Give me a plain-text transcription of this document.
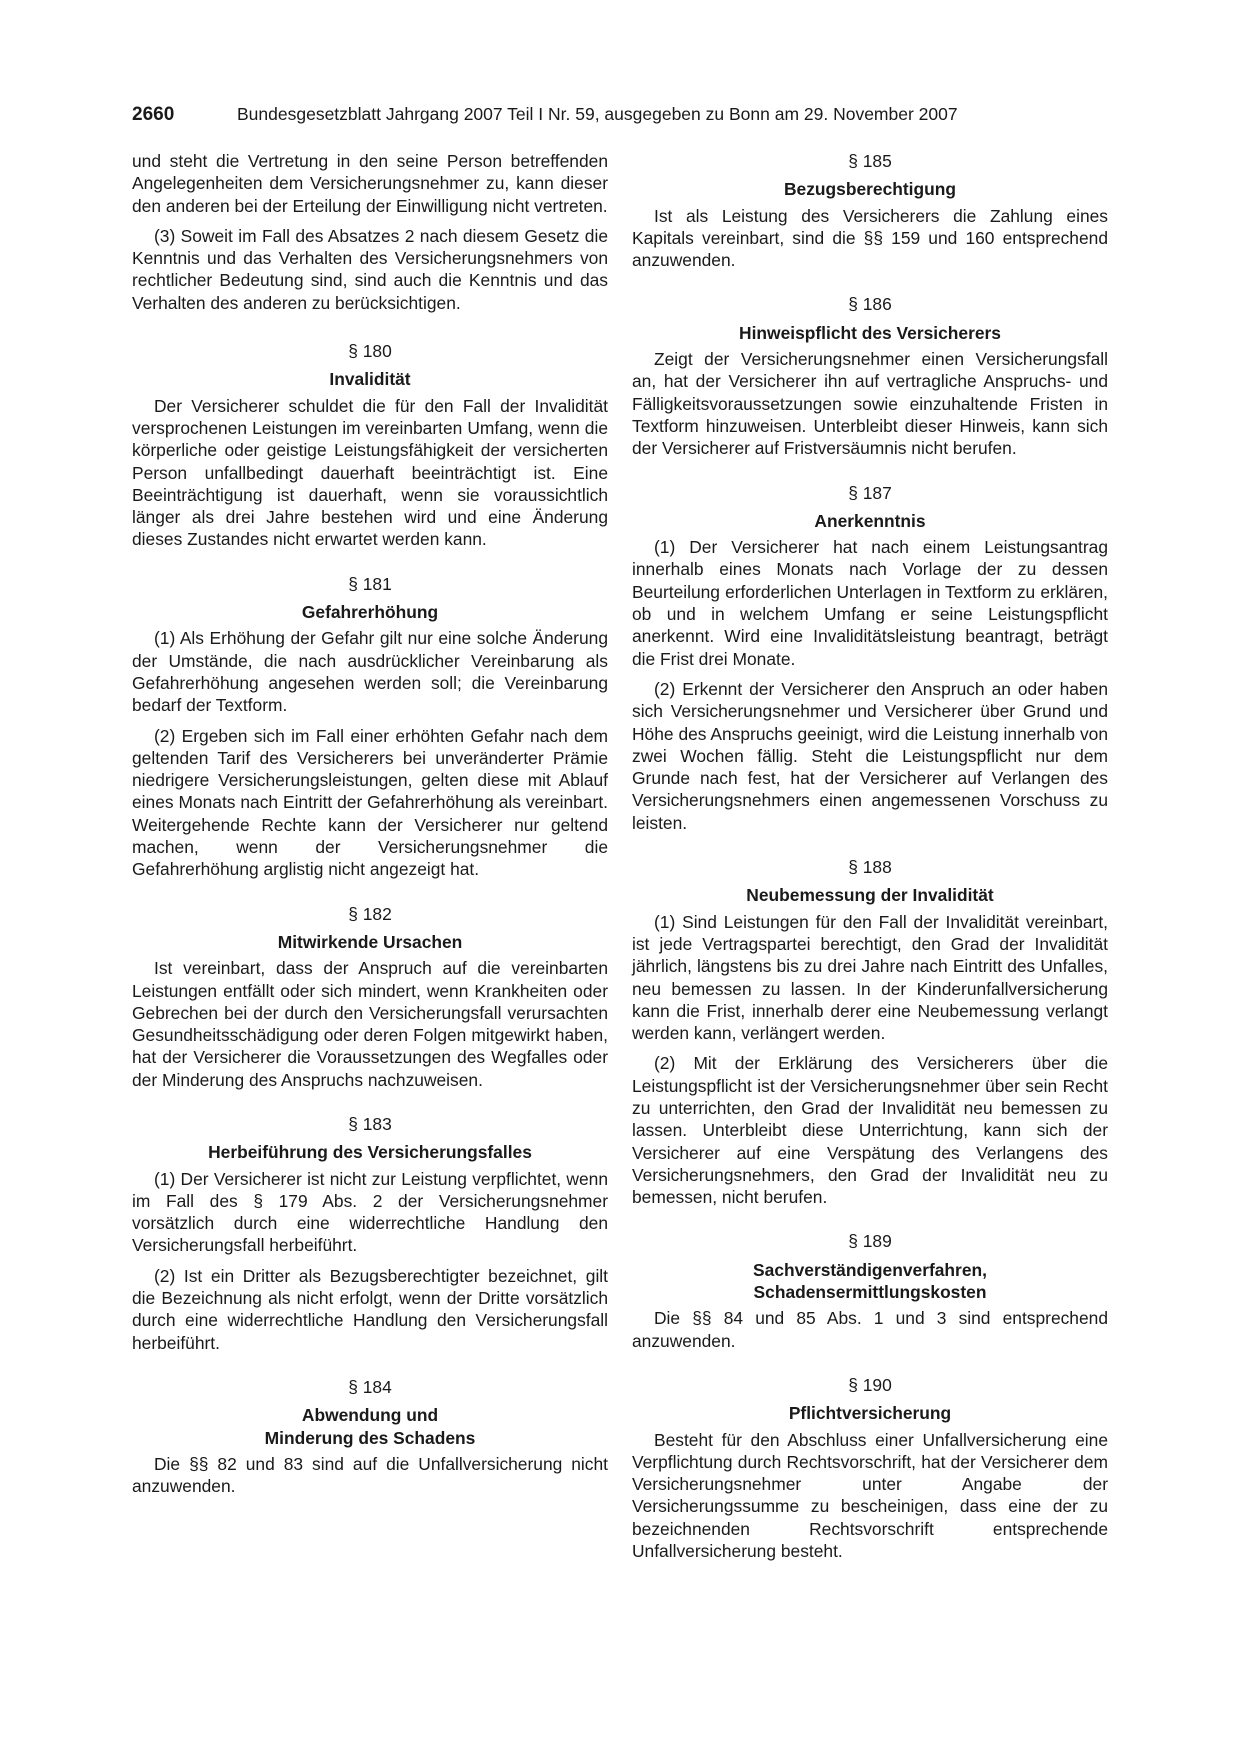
2660	Bundesgesetzblatt Jahrgang 2007 Teil I Nr. 59, ausgegeben zu Bonn am 29. November 2007

und steht die Vertretung in den seine Person betreffenden Angelegenheiten dem Versicherungsnehmer zu, kann dieser den anderen bei der Erteilung der Einwilligung nicht vertreten.

(3) Soweit im Fall des Absatzes 2 nach diesem Gesetz die Kenntnis und das Verhalten des Versicherungsnehmers von rechtlicher Bedeutung sind, sind auch die Kenntnis und das Verhalten des anderen zu berücksichtigen.

§ 180
Invalidität

Der Versicherer schuldet die für den Fall der Invalidität versprochenen Leistungen im vereinbarten Umfang, wenn die körperliche oder geistige Leistungsfähigkeit der versicherten Person unfallbedingt dauerhaft beeinträchtigt ist. Eine Beeinträchtigung ist dauerhaft, wenn sie voraussichtlich länger als drei Jahre bestehen wird und eine Änderung dieses Zustandes nicht erwartet werden kann.

§ 181
Gefahrerhöhung

(1) Als Erhöhung der Gefahr gilt nur eine solche Änderung der Umstände, die nach ausdrücklicher Vereinbarung als Gefahrerhöhung angesehen werden soll; die Vereinbarung bedarf der Textform.

(2) Ergeben sich im Fall einer erhöhten Gefahr nach dem geltenden Tarif des Versicherers bei unveränderter Prämie niedrigere Versicherungsleistungen, gelten diese mit Ablauf eines Monats nach Eintritt der Gefahrerhöhung als vereinbart. Weitergehende Rechte kann der Versicherer nur geltend machen, wenn der Versicherungsnehmer die Gefahrerhöhung arglistig nicht angezeigt hat.

§ 182
Mitwirkende Ursachen

Ist vereinbart, dass der Anspruch auf die vereinbarten Leistungen entfällt oder sich mindert, wenn Krankheiten oder Gebrechen bei der durch den Versicherungsfall verursachten Gesundheitsschädigung oder deren Folgen mitgewirkt haben, hat der Versicherer die Voraussetzungen des Wegfalles oder der Minderung des Anspruchs nachzuweisen.

§ 183
Herbeiführung des Versicherungsfalles

(1) Der Versicherer ist nicht zur Leistung verpflichtet, wenn im Fall des § 179 Abs. 2 der Versicherungsnehmer vorsätzlich durch eine widerrechtliche Handlung den Versicherungsfall herbeiführt.

(2) Ist ein Dritter als Bezugsberechtigter bezeichnet, gilt die Bezeichnung als nicht erfolgt, wenn der Dritte vorsätzlich durch eine widerrechtliche Handlung den Versicherungsfall herbeiführt.

§ 184
Abwendung und
Minderung des Schadens

Die §§ 82 und 83 sind auf die Unfallversicherung nicht anzuwenden.

§ 185
Bezugsberechtigung

Ist als Leistung des Versicherers die Zahlung eines Kapitals vereinbart, sind die §§ 159 und 160 entsprechend anzuwenden.

§ 186
Hinweispflicht des Versicherers

Zeigt der Versicherungsnehmer einen Versicherungsfall an, hat der Versicherer ihn auf vertragliche Anspruchs- und Fälligkeitsvoraussetzungen sowie einzuhaltende Fristen in Textform hinzuweisen. Unterbleibt dieser Hinweis, kann sich der Versicherer auf Fristversäumnis nicht berufen.

§ 187
Anerkenntnis

(1) Der Versicherer hat nach einem Leistungsantrag innerhalb eines Monats nach Vorlage der zu dessen Beurteilung erforderlichen Unterlagen in Textform zu erklären, ob und in welchem Umfang er seine Leistungspflicht anerkennt. Wird eine Invaliditätsleistung beantragt, beträgt die Frist drei Monate.

(2) Erkennt der Versicherer den Anspruch an oder haben sich Versicherungsnehmer und Versicherer über Grund und Höhe des Anspruchs geeinigt, wird die Leistung innerhalb von zwei Wochen fällig. Steht die Leistungspflicht nur dem Grunde nach fest, hat der Versicherer auf Verlangen des Versicherungsnehmers einen angemessenen Vorschuss zu leisten.

§ 188
Neubemessung der Invalidität

(1) Sind Leistungen für den Fall der Invalidität vereinbart, ist jede Vertragspartei berechtigt, den Grad der Invalidität jährlich, längstens bis zu drei Jahre nach Eintritt des Unfalles, neu bemessen zu lassen. In der Kinderunfallversicherung kann die Frist, innerhalb derer eine Neubemessung verlangt werden kann, verlängert werden.

(2) Mit der Erklärung des Versicherers über die Leistungspflicht ist der Versicherungsnehmer über sein Recht zu unterrichten, den Grad der Invalidität neu bemessen zu lassen. Unterbleibt diese Unterrichtung, kann sich der Versicherer auf eine Verspätung des Verlangens des Versicherungsnehmers, den Grad der Invalidität neu zu bemessen, nicht berufen.

§ 189
Sachverständigenverfahren,
Schadensermittlungskosten

Die §§ 84 und 85 Abs. 1 und 3 sind entsprechend anzuwenden.

§ 190
Pflichtversicherung

Besteht für den Abschluss einer Unfallversicherung eine Verpflichtung durch Rechtsvorschrift, hat der Versicherer dem Versicherungsnehmer unter Angabe der Versicherungssumme zu bescheinigen, dass eine der zu bezeichnenden Rechtsvorschrift entsprechende Unfallversicherung besteht.
